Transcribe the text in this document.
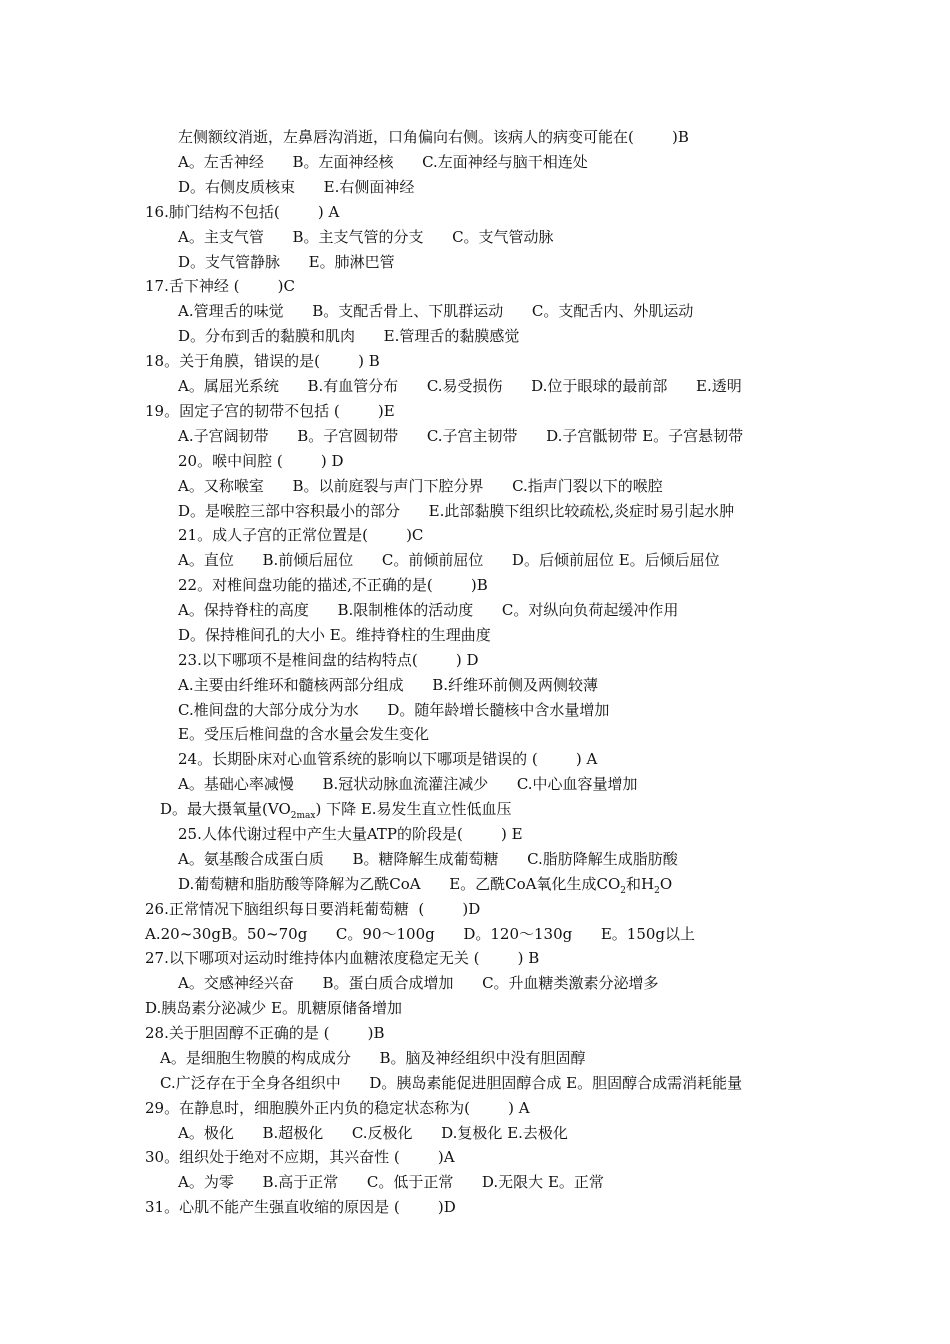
左侧额纹消逝，左鼻唇沟消逝，口角偏向右侧。该病人的病变可能在(        )B
A。左舌神经      B。左面神经核      C.左面神经与脑干相连处
D。右侧皮质核束      E.右侧面神经
16.肺门结构不包括(        ) A
A。主支气管      B。主支气管的分支      C。支气管动脉
D。支气管静脉      E。肺淋巴管
17.舌下神经 (        )C
A.管理舌的味觉      B。支配舌骨上、下肌群运动      C。支配舌内、外肌运动
D。分布到舌的黏膜和肌肉      E.管理舌的黏膜感觉
18。关于角膜，错误的是(        ) B
A。属屈光系统      B.有血管分布      C.易受损伤      D.位于眼球的最前部      E.透明
19。固定子宫的韧带不包括 (        )E
A.子宫阔韧带      B。子宫圆韧带      C.子宫主韧带      D.子宫骶韧带 E。子宫悬韧带
20。喉中间腔 (        ) D
A。又称喉室      B。以前庭裂与声门下腔分界      C.指声门裂以下的喉腔
D。是喉腔三部中容积最小的部分      E.此部黏膜下组织比较疏松,炎症时易引起水肿
21。成人子宫的正常位置是(        )C
A。直位      B.前倾后屈位      C。前倾前屈位      D。后倾前屈位 E。后倾后屈位
22。对椎间盘功能的描述,不正确的是(        )B
A。保持脊柱的高度      B.限制椎体的活动度      C。对纵向负荷起缓冲作用
D。保持椎间孔的大小 E。维持脊柱的生理曲度
23.以下哪项不是椎间盘的结构特点(        ) D
A.主要由纤维环和髓核两部分组成      B.纤维环前侧及两侧较薄
C.椎间盘的大部分成分为水      D。随年龄增长髓核中含水量增加
E。受压后椎间盘的含水量会发生变化
24。长期卧床对心血管系统的影响以下哪项是错误的 (        ) A
A。基础心率减慢      B.冠状动脉血流灌注减少      C.中心血容量增加
D。最大摄氧量$(VO_{2max})$ 下降 E.易发生直立性低血压
25.人体代谢过程中产生大量ATP的阶段是(        ) E
A。氨基酸合成蛋白质      B。糖降解生成葡萄糖      C.脂肪降解生成脂肪酸
D.葡萄糖和脂肪酸等降解为乙酰CoA      E。乙酰CoA氧化生成$CO_2$和$H_2O$
26.正常情况下脑组织每日要消耗葡萄糖  (        )D
A.20~30gB。50~70g      C。90～100g      D。120～130g      E。150g以上
27.以下哪项对运动时维持体内血糖浓度稳定无关 (        ) B
A。交感神经兴奋      B。蛋白质合成增加      C。升血糖类激素分泌增多
D.胰岛素分泌减少 E。肌糖原储备增加
28.关于胆固醇不正确的是 (        )B
A。是细胞生物膜的构成成分      B。脑及神经组织中没有胆固醇
C.广泛存在于全身各组织中      D。胰岛素能促进胆固醇合成 E。胆固醇合成需消耗能量
29。在静息时，细胞膜外正内负的稳定状态称为(        ) A
A。极化      B.超极化      C.反极化      D.复极化 E.去极化
30。组织处于绝对不应期，其兴奋性 (        )A
A。为零      B.高于正常      C。低于正常      D.无限大 E。正常
31。心肌不能产生强直收缩的原因是 (        )D
